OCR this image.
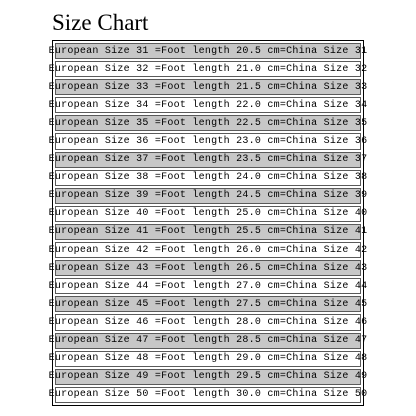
Size Chart
European Size 31 =Foot length 20.5 cm=China Size 31
European Size 32 =Foot length 21.0 cm=China Size 32
European Size 33 =Foot length 21.5 cm=China Size 33
European Size 34 =Foot length 22.0 cm=China Size 34
European Size 35 =Foot length 22.5 cm=China Size 35
European Size 36 =Foot length 23.0 cm=China Size 36
European Size 37 =Foot length 23.5 cm=China Size 37
European Size 38 =Foot length 24.0 cm=China Size 38
European Size 39 =Foot length 24.5 cm=China Size 39
European Size 40 =Foot length 25.0 cm=China Size 40
European Size 41 =Foot length 25.5 cm=China Size 41
European Size 42 =Foot length 26.0 cm=China Size 42
European Size 43 =Foot length 26.5 cm=China Size 43
European Size 44 =Foot length 27.0 cm=China Size 44
European Size 45 =Foot length 27.5 cm=China Size 45
European Size 46 =Foot length 28.0 cm=China Size 46
European Size 47 =Foot length 28.5 cm=China Size 47
European Size 48 =Foot length 29.0 cm=China Size 48
European Size 49 =Foot length 29.5 cm=China Size 49
European Size 50 =Foot length 30.0 cm=China Size 50
